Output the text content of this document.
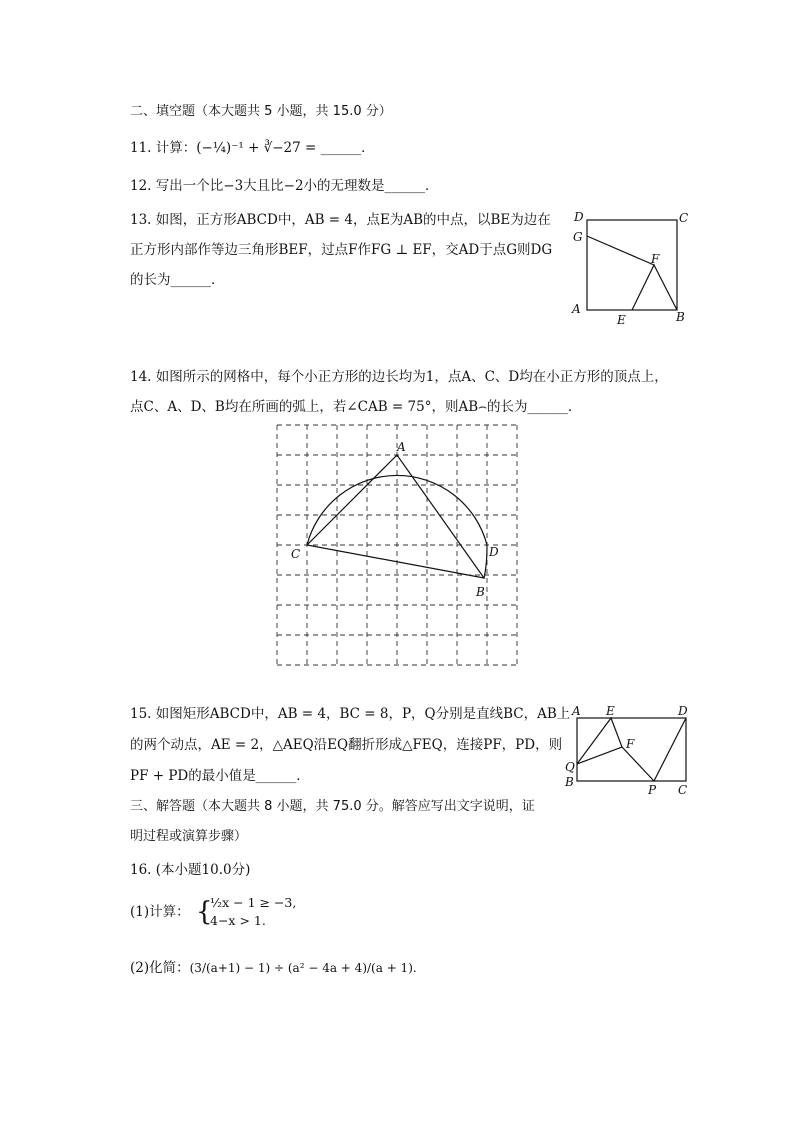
二、填空题（本大题共 5 小题，共 15.0 分）
11. 计算：(−¼)⁻¹ + ∛−27 = ______．
12. 写出一个比−3大且比−2小的无理数是______．
13. 如图，正方形ABCD中，AB = 4，点E为AB的中点，以BE为边在
正方形内部作等边三角形BEF，过点F作FG ⊥ EF，交AD于点G则DG
的长为______．
D	C
G
F
A
E	B
14. 如图所示的网格中，每个小正方形的边长均为1，点A、C、D均在小正方形的顶点上，
点C、A、D、B均在所画的弧上，若∠CAB = 75°，则AB⌢的长为______．
A
C	D
B
15. 如图矩形ABCD中，AB = 4，BC = 8，P，Q分别是直线BC，AB上
的两个动点，AE = 2，△AEQ沿EQ翻折形成△FEQ，连接PF，PD，则
PF + PD的最小值是______．
A E	D
F
Q
B
P C
三、解答题（本大题共 8 小题，共 75.0 分。解答应写出文字说明，证
明过程或演算步骤）
16. (本小题10.0分)
(1)计算： {
½x − 1 ≥ −3,
4−x > 1.
(2)化简：(3/(a+1) − 1) ÷ (a² − 4a + 4)/(a + 1).
